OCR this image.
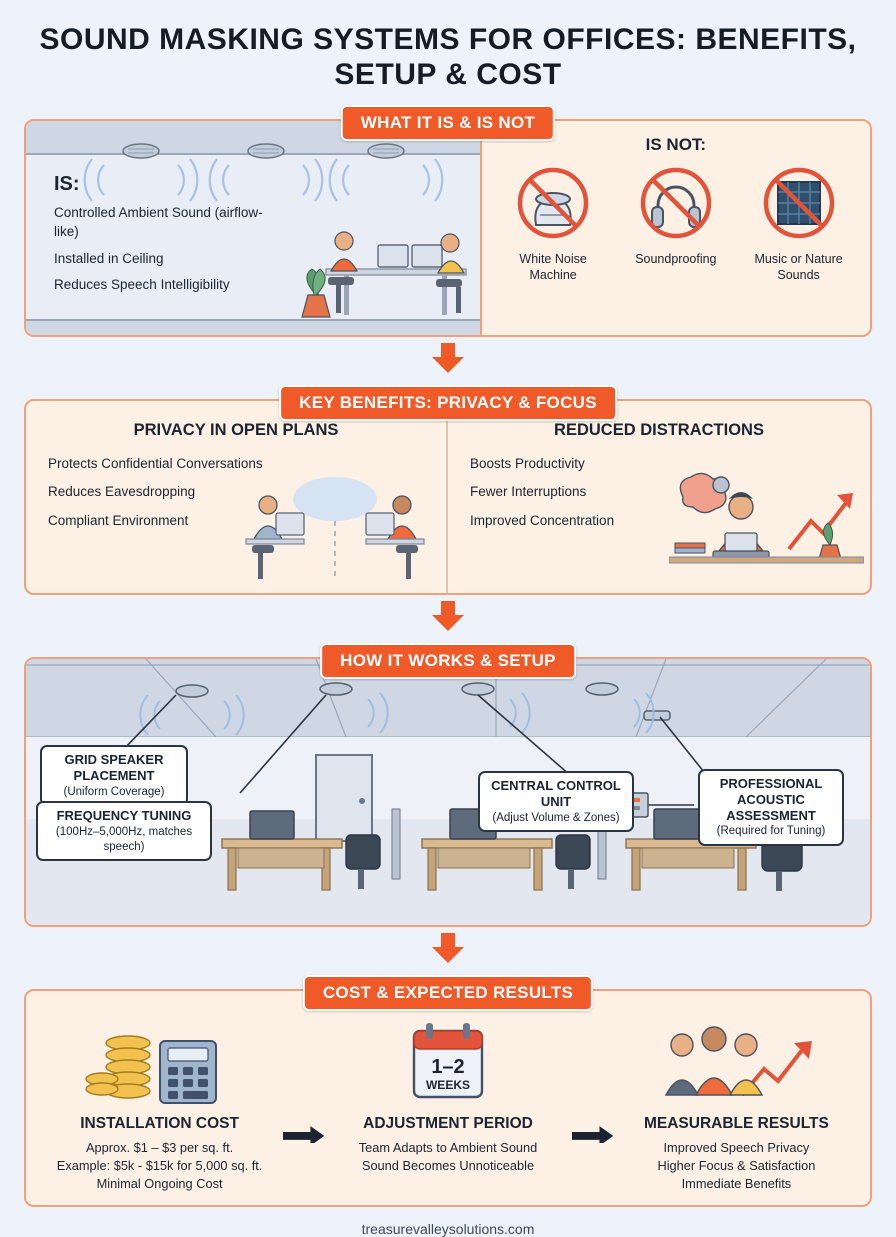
SOUND MASKING SYSTEMS FOR OFFICES: BENEFITS, SETUP & COST
WHAT IT IS & IS NOT
IS:
Controlled Ambient Sound (airflow-like)
Installed in Ceiling
Reduces Speech Intelligibility
IS NOT:
White Noise Machine
Soundproofing	Music or Nature Sounds
KEY BENEFITS: PRIVACY & FOCUS
PRIVACY IN OPEN PLANS
Protects Confidential Conversations
Reduces Eavesdropping
Compliant Environment
REDUCED DISTRACTIONS
Boosts Productivity
Fewer Interruptions
Improved Concentration
HOW IT WORKS & SETUP
GRID SPEAKER PLACEMENT
(Uniform Coverage)
FREQUENCY TUNING
(100Hz–5,000Hz, matches speech)
CENTRAL CONTROL UNIT
(Adjust Volume & Zones)
PROFESSIONAL ACOUSTIC ASSESSMENT
(Required for Tuning)
COST & EXPECTED RESULTS
INSTALLATION COST
Approx. $1 – $3 per sq. ft.
Example: $5k - $15k for 5,000 sq. ft.
Minimal Ongoing Cost
1–2
WEEKS
ADJUSTMENT PERIOD
Team Adapts to Ambient Sound
Sound Becomes Unnoticeable
MEASURABLE RESULTS
Improved Speech Privacy
Higher Focus & Satisfaction
Immediate Benefits
treasurevalleysolutions.com
